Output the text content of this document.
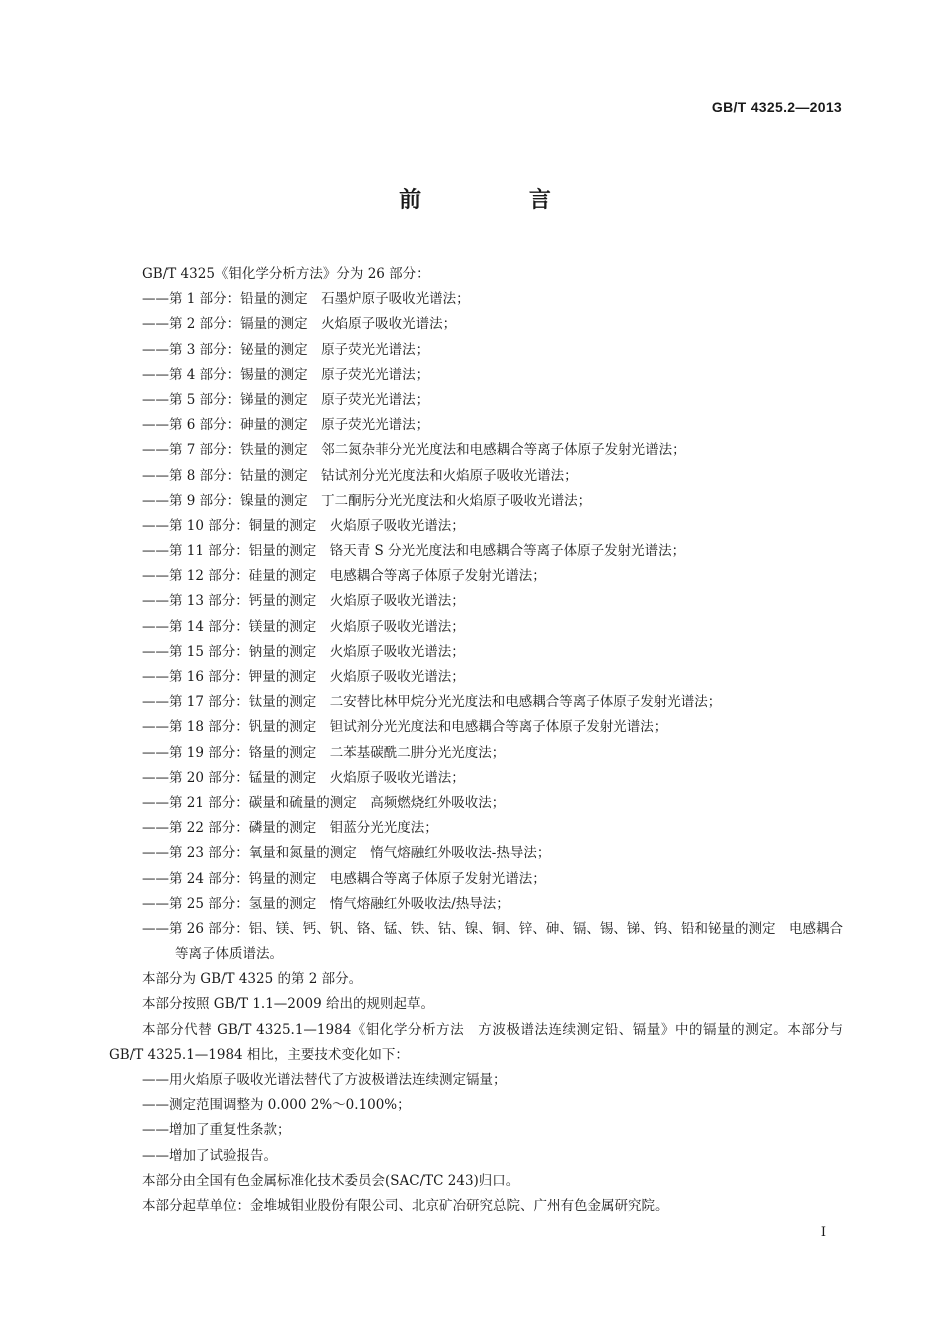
GB/T 4325.2—2013
前 言
GB/T 4325《钼化学分析方法》分为 26 部分：
——第 1 部分：铅量的测定　石墨炉原子吸收光谱法；
——第 2 部分：镉量的测定　火焰原子吸收光谱法；
——第 3 部分：铋量的测定　原子荧光光谱法；
——第 4 部分：锡量的测定　原子荧光光谱法；
——第 5 部分：锑量的测定　原子荧光光谱法；
——第 6 部分：砷量的测定　原子荧光光谱法；
——第 7 部分：铁量的测定　邻二氮杂菲分光光度法和电感耦合等离子体原子发射光谱法；
——第 8 部分：钴量的测定　钴试剂分光光度法和火焰原子吸收光谱法；
——第 9 部分：镍量的测定　丁二酮肟分光光度法和火焰原子吸收光谱法；
——第 10 部分：铜量的测定　火焰原子吸收光谱法；
——第 11 部分：铝量的测定　铬天青 S 分光光度法和电感耦合等离子体原子发射光谱法；
——第 12 部分：硅量的测定　电感耦合等离子体原子发射光谱法；
——第 13 部分：钙量的测定　火焰原子吸收光谱法；
——第 14 部分：镁量的测定　火焰原子吸收光谱法；
——第 15 部分：钠量的测定　火焰原子吸收光谱法；
——第 16 部分：钾量的测定　火焰原子吸收光谱法；
——第 17 部分：钛量的测定　二安替比林甲烷分光光度法和电感耦合等离子体原子发射光谱法；
——第 18 部分：钒量的测定　钽试剂分光光度法和电感耦合等离子体原子发射光谱法；
——第 19 部分：铬量的测定　二苯基碳酰二肼分光光度法；
——第 20 部分：锰量的测定　火焰原子吸收光谱法；
——第 21 部分：碳量和硫量的测定　高频燃烧红外吸收法；
——第 22 部分：磷量的测定　钼蓝分光光度法；
——第 23 部分：氧量和氮量的测定　惰气熔融红外吸收法-热导法；
——第 24 部分：钨量的测定　电感耦合等离子体原子发射光谱法；
——第 25 部分：氢量的测定　惰气熔融红外吸收法/热导法；
——第 26 部分：铝、镁、钙、钒、铬、锰、铁、钴、镍、铜、锌、砷、镉、锡、锑、钨、铅和铋量的测定　电感耦合等离子体质谱法。
本部分为 GB/T 4325 的第 2 部分。
本部分按照 GB/T 1.1—2009 给出的规则起草。
本部分代替 GB/T 4325.1—1984《钼化学分析方法　方波极谱法连续测定铅、镉量》中的镉量的测定。本部分与 GB/T 4325.1—1984 相比，主要技术变化如下：
——用火焰原子吸收光谱法替代了方波极谱法连续测定镉量；
——测定范围调整为 0.000 2%～0.100%；
——增加了重复性条款；
——增加了试验报告。
本部分由全国有色金属标准化技术委员会(SAC/TC 243)归口。
本部分起草单位：金堆城钼业股份有限公司、北京矿冶研究总院、广州有色金属研究院。
I
